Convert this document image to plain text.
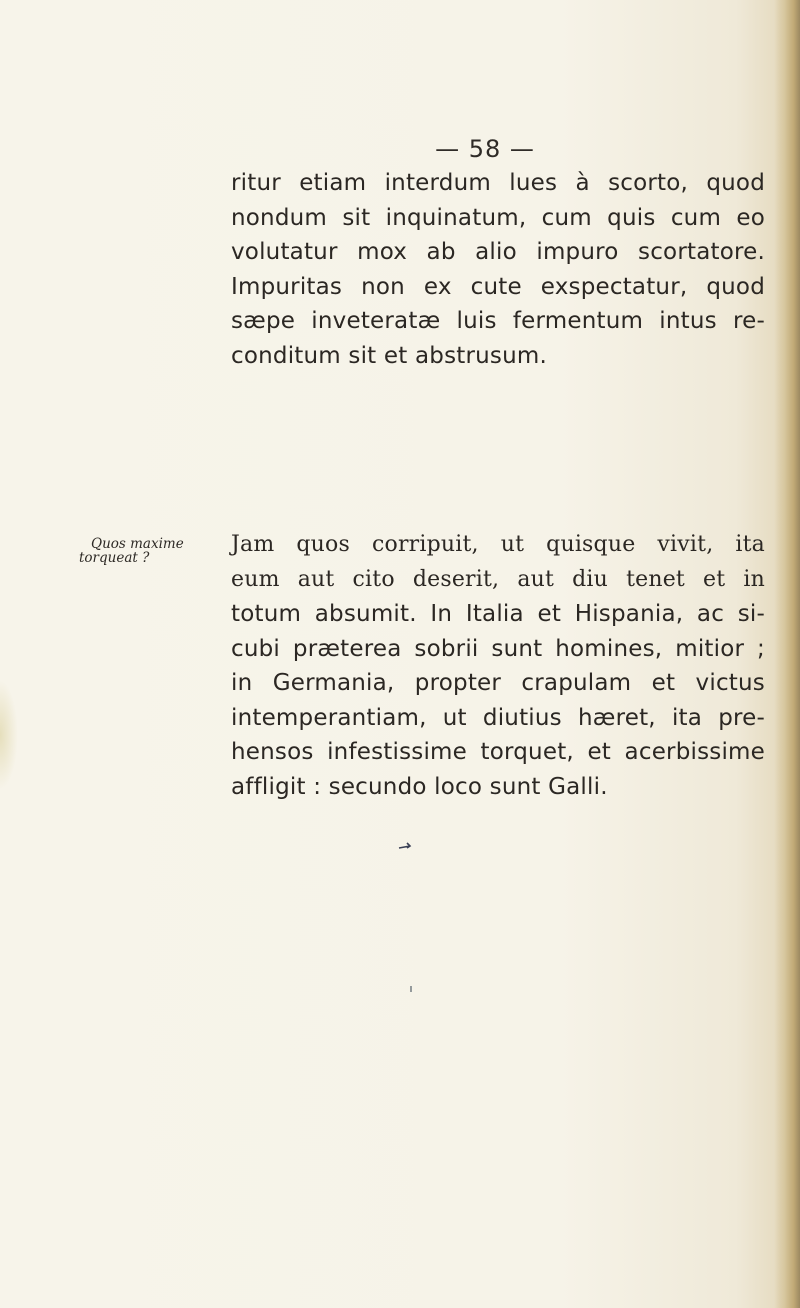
— 58 —
ritur etiam interdum lues à scorto, quod
nondum sit inquinatum, cum quis cum eo
volutatur mox ab alio impuro scortatore.
Impuritas non ex cute exspectatur, quod
sæpe inveteratæ luis fermentum intus re-
conditum sit et abstrusum.
Quos maxime
torqueat ?
Jam quos corripuit, ut quisque vivit, ita
eum aut cito deserit, aut diu tenet et in
totum absumit. In Italia et Hispania, ac si-
cubi præterea sobrii sunt homines, mitior ;
in Germania, propter crapulam et victus
intemperantiam, ut diutius hæret, ita pre-
hensos infestissime torquet, et acerbissime
affligit : secundo loco sunt Galli.
